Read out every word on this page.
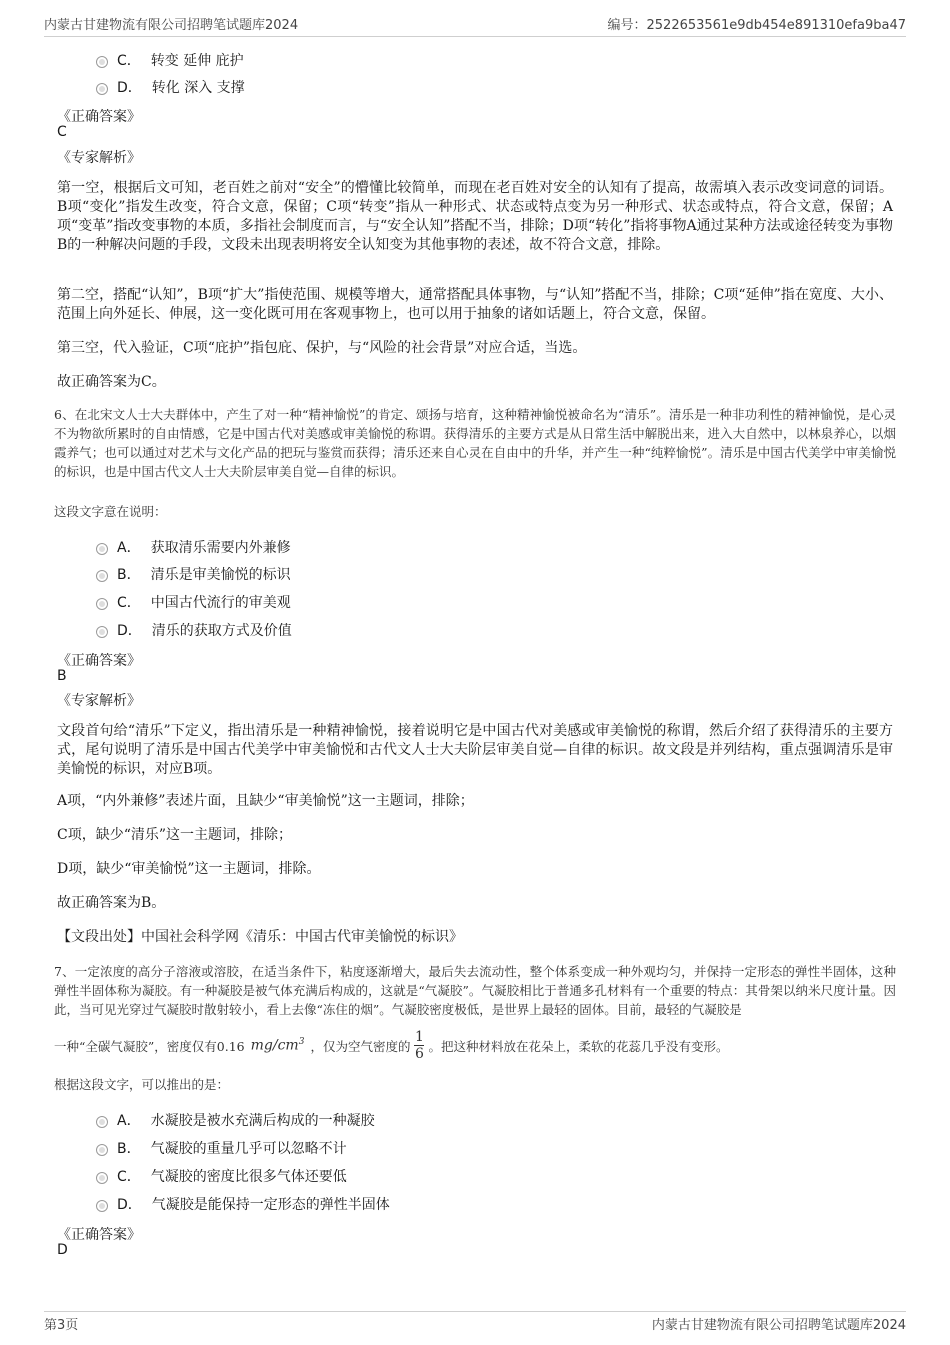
内蒙古甘建物流有限公司招聘笔试题库2024	编号：2522653561e9db454e891310efa9ba47
C． 转变 延伸 庇护
D． 转化 深入 支撑
《正确答案》
C
《专家解析》
第一空，根据后文可知，老百姓之前对“安全”的懵懂比较简单，而现在老百姓对安全的认知有了提高，故需填入表示改变词意的词语。B项“变化”指发生改变，符合文意，保留；C项“转变”指从一种形式、状态或特点变为另一种形式、状态或特点，符合文意，保留；A项“变革”指改变事物的本质，多指社会制度而言，与“安全认知”搭配不当，排除；D项“转化”指将事物A通过某种方法或途径转变为事物B的一种解决问题的手段，文段未出现表明将安全认知变为其他事物的表述，故不符合文意，排除。
第二空，搭配“认知”，B项“扩大”指使范围、规模等增大，通常搭配具体事物，与“认知”搭配不当，排除；C项“延伸”指在宽度、大小、范围上向外延长、伸展，这一变化既可用在客观事物上，也可以用于抽象的诸如话题上，符合文意，保留。
第三空，代入验证，C项“庇护”指包庇、保护，与“风险的社会背景”对应合适，当选。
故正确答案为C。
6、在北宋文人士大夫群体中，产生了对一种“精神愉悦”的肯定、颂扬与培育，这种精神愉悦被命名为“清乐”。清乐是一种非功利性的精神愉悦，是心灵不为物欲所累时的自由情感，它是中国古代对美感或审美愉悦的称谓。获得清乐的主要方式是从日常生活中解脱出来，进入大自然中，以林泉养心，以烟霞养气；也可以通过对艺术与文化产品的把玩与鉴赏而获得；清乐还来自心灵在自由中的升华，并产生一种“纯粹愉悦”。清乐是中国古代美学中审美愉悦的标识，也是中国古代文人士大夫阶层审美自觉—自律的标识。
这段文字意在说明：
A． 获取清乐需要内外兼修
B． 清乐是审美愉悦的标识
C． 中国古代流行的审美观
D． 清乐的获取方式及价值
《正确答案》
B
《专家解析》
文段首句给“清乐”下定义，指出清乐是一种精神愉悦，接着说明它是中国古代对美感或审美愉悦的称谓，然后介绍了获得清乐的主要方式，尾句说明了清乐是中国古代美学中审美愉悦和古代文人士大夫阶层审美自觉—自律的标识。故文段是并列结构，重点强调清乐是审美愉悦的标识，对应B项。
A项，“内外兼修”表述片面，且缺少“审美愉悦”这一主题词，排除；
C项，缺少“清乐”这一主题词，排除；
D项，缺少“审美愉悦”这一主题词，排除。
故正确答案为B。
【文段出处】中国社会科学网《清乐：中国古代审美愉悦的标识》
7、一定浓度的高分子溶液或溶胶，在适当条件下，粘度逐渐增大，最后失去流动性，整个体系变成一种外观均匀，并保持一定形态的弹性半固体，这种弹性半固体称为凝胶。有一种凝胶是被气体充满后构成的，这就是“气凝胶”。气凝胶相比于普通多孔材料有一个重要的特点：其骨架以纳米尺度计量。因此，当可见光穿过气凝胶时散射较小，看上去像“冻住的烟”。气凝胶密度极低，是世界上最轻的固体。目前，最轻的气凝胶是
一种“全碳气凝胶”，密度仅有0.16 $mg/cm^3$ ，仅为空气密度的 $\frac{1}{6}$ 。把这种材料放在花朵上，柔软的花蕊几乎没有变形。
根据这段文字，可以推出的是：
A． 水凝胶是被水充满后构成的一种凝胶
B． 气凝胶的重量几乎可以忽略不计
C． 气凝胶的密度比很多气体还要低
D． 气凝胶是能保持一定形态的弹性半固体
《正确答案》
D
第3页	内蒙古甘建物流有限公司招聘笔试题库2024
